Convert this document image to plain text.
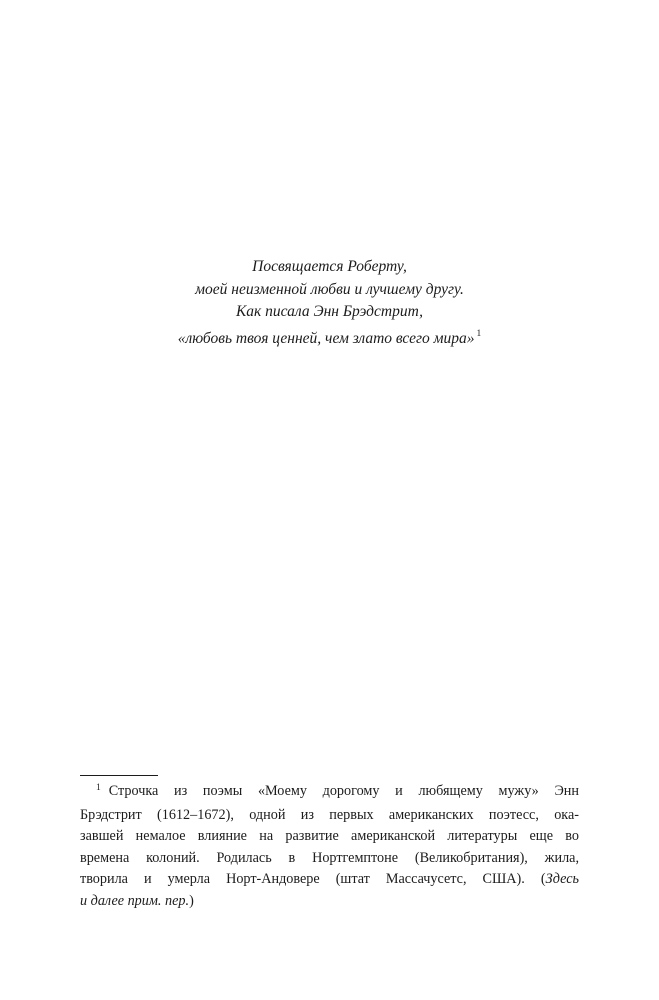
Посвящается Роберту,
моей неизменной любви и лучшему другу.
Как писала Энн Брэдстрит,
«любовь твоя ценней, чем злато всего мира» $^1$
$^1$ Строчка из поэмы «Моему дорогому и любящему мужу» Энн
Брэдстрит (1612–1672), одной из первых американских поэтесс, ока-
завшей немалое влияние на развитие американской литературы еще во
времена колоний. Родилась в Нортгемптоне (Великобритания), жила,
творила и умерла Норт-Андовере (штат Массачусетс, США). (Здесь
и далее прим. пер.)
